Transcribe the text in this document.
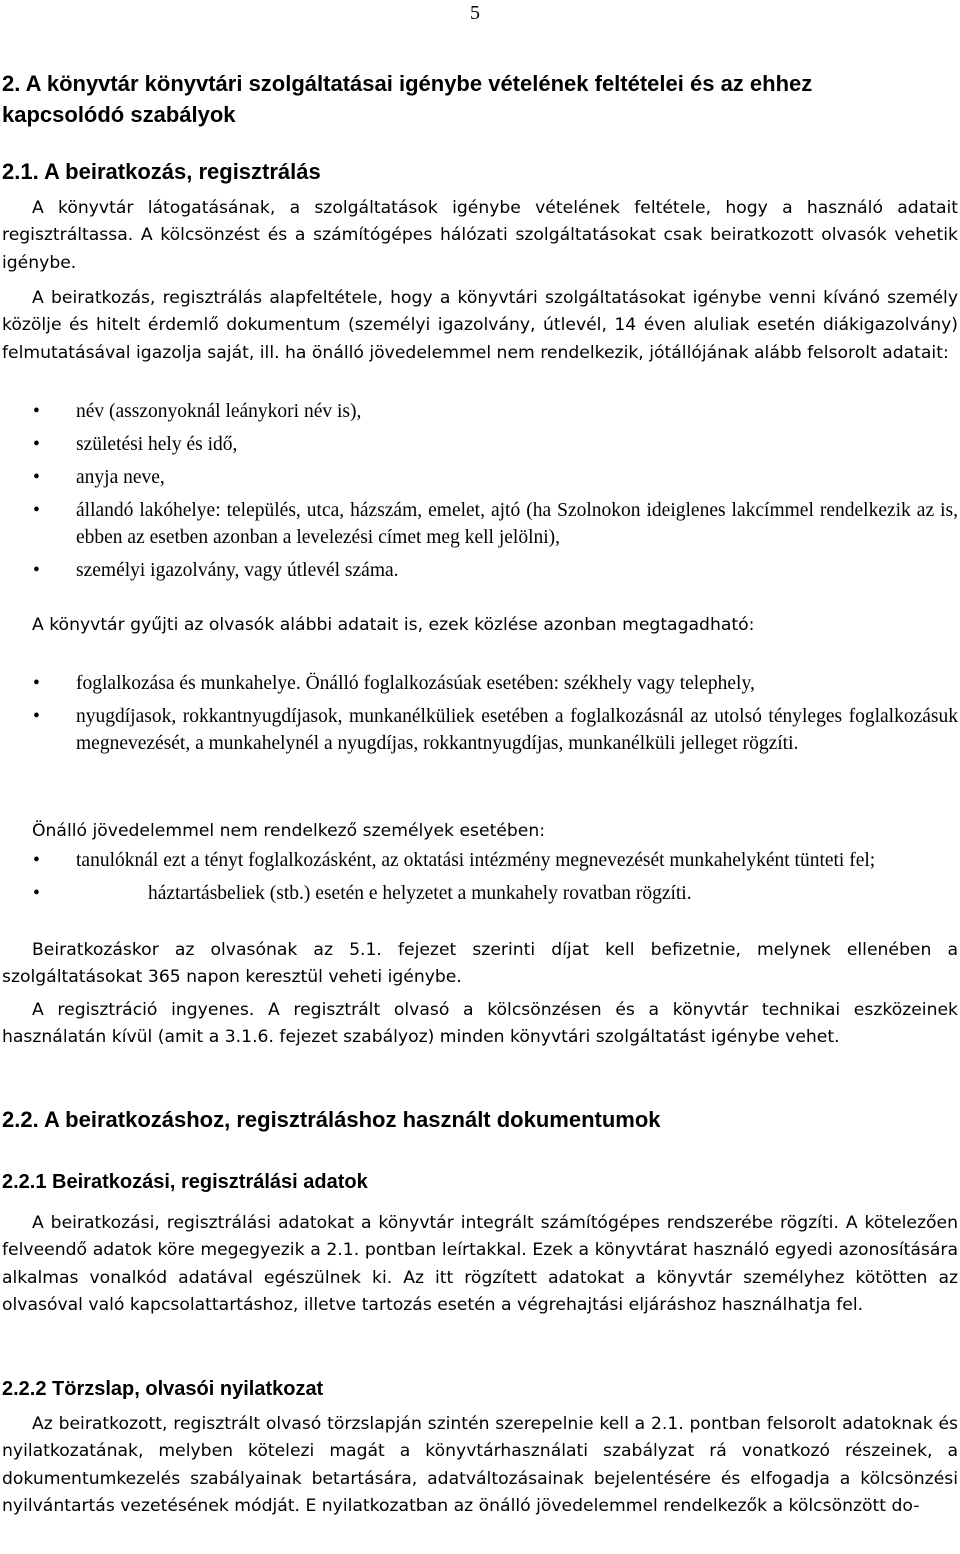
5
2. A könyvtár könyvtári szolgáltatásai igénybe vételének feltételei és az ehhez
kapcsolódó szabályok
2.1. A beiratkozás, regisztrálás

A könyvtár látogatásának, a szolgáltatások igénybe vételének feltétele, hogy a használó adatait regisztráltassa. A kölcsönzést és a számítógépes hálózati szolgáltatásokat csak beiratkozott olvasók vehetik igénybe.

A beiratkozás, regisztrálás alapfeltétele, hogy a könyvtári szolgáltatásokat igénybe venni kívánó személy közölje és hitelt érdemlő dokumentum (személyi igazolvány, útlevél, 14 éven aluliak esetén diákigazolvány) felmutatásával igazolja saját, ill. ha önálló jövedelemmel nem rendelkezik, jótállójának alább felsorolt adatait:

• név (asszonyoknál leánykori név is),
• születési hely és idő,
• anyja neve,
• állandó lakóhelye: település, utca, házszám, emelet, ajtó (ha Szolnokon ideiglenes lakcímmel rendelkezik az is, ebben az esetben azonban a levelezési címet meg kell jelölni),
• személyi igazolvány, vagy útlevél száma.

A könyvtár gyűjti az olvasók alábbi adatait is, ezek közlése azonban megtagadható:

• foglalkozása és munkahelye. Önálló foglalkozásúak esetében: székhely vagy telephely,
• nyugdíjasok, rokkantnyugdíjasok, munkanélküliek esetében a foglalkozásnál az utolsó tényleges foglalkozásuk megnevezését, a munkahelynél a nyugdíjas, rokkantnyugdíjas, munkanélküli jelleget rögzíti.

Önálló jövedelemmel nem rendelkező személyek esetében:

• tanulóknál ezt a tényt foglalkozásként, az oktatási intézmény megnevezését munkahelyként tünteti fel;
•	háztartásbeliek (stb.) esetén e helyzetet a munkahely rovatban rögzíti.

Beiratkozáskor az olvasónak az 5.1. fejezet szerinti díjat kell befizetnie, melynek ellenében a szolgáltatásokat 365 napon keresztül veheti igénybe.

A regisztráció ingyenes. A regisztrált olvasó a kölcsönzésen és a könyvtár technikai eszközeinek használatán kívül (amit a 3.1.6. fejezet szabályoz) minden könyvtári szolgáltatást igénybe vehet.

2.2. A beiratkozáshoz, regisztráláshoz használt dokumentumok
2.2.1 Beiratkozási, regisztrálási adatok

A beiratkozási, regisztrálási adatokat a könyvtár integrált számítógépes rendszerébe rögzíti. A kötelezően felveendő adatok köre megegyezik a 2.1. pontban leírtakkal. Ezek a könyvtárat használó egyedi azonosítására alkalmas vonalkód adatával egészülnek ki. Az itt rögzített adatokat a könyvtár személyhez kötötten az olvasóval való kapcsolattartáshoz, illetve tartozás esetén a végrehajtási eljáráshoz használhatja fel.

2.2.2 Törzslap, olvasói nyilatkozat

Az beiratkozott, regisztrált olvasó törzslapján szintén szerepelnie kell a 2.1. pontban felsorolt adatoknak és nyilatkozatának, melyben kötelezi magát a könyvtárhasználati szabályzat rá vonatkozó részeinek, a dokumentumkezelés szabályainak betartására, adatváltozásainak bejelentésére és elfogadja a kölcsönzési nyilvántartás vezetésének módját. E nyilatkozatban az önálló jövedelemmel rendelkezők a kölcsönzött do-
